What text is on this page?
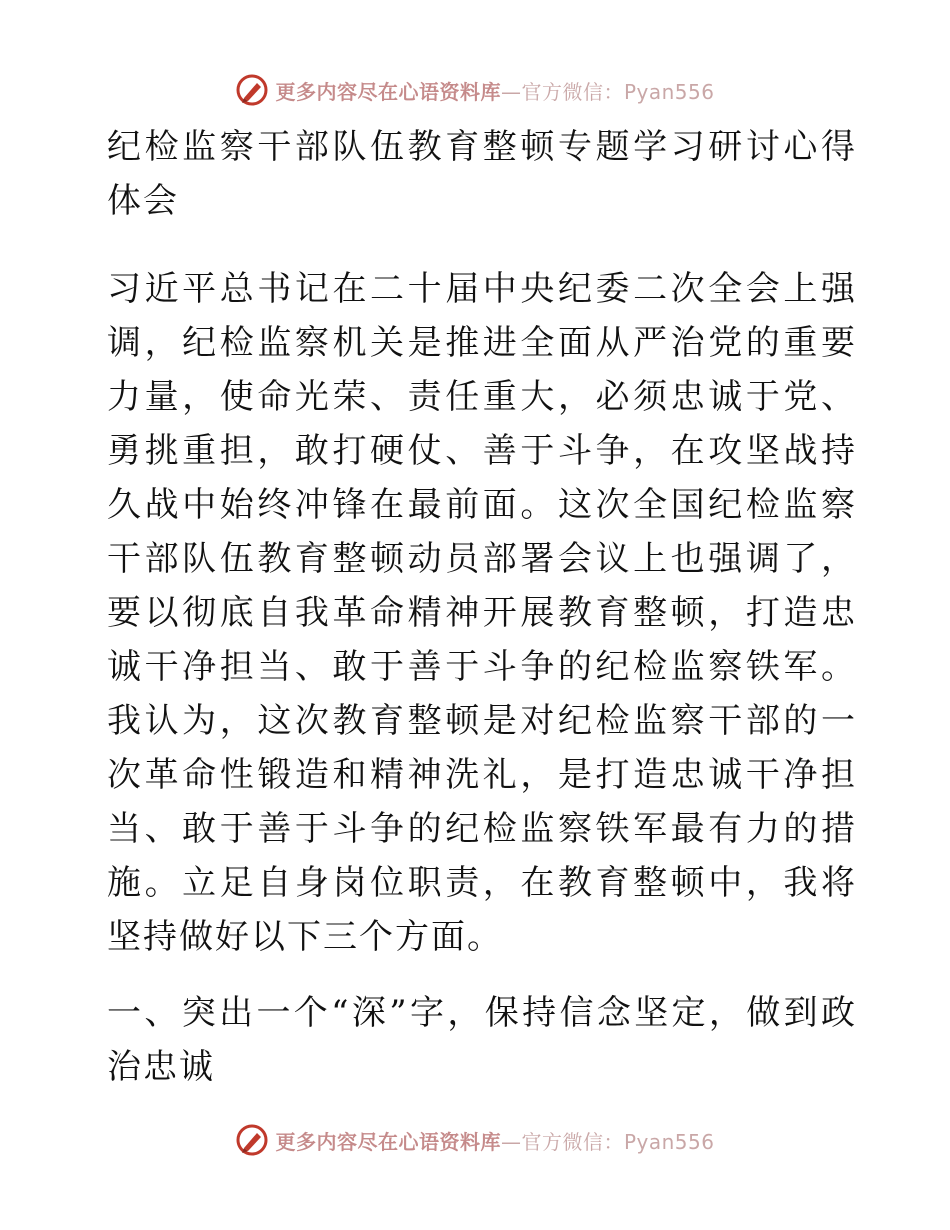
更多内容尽在心语资料库—官方微信：Pyan556

纪检监察干部队伍教育整顿专题学习研讨心得体会

习近平总书记在二十届中央纪委二次全会上强调，纪检监察机关是推进全面从严治党的重要力量，使命光荣、责任重大，必须忠诚于党、勇挑重担，敢打硬仗、善于斗争，在攻坚战持久战中始终冲锋在最前面。这次全国纪检监察干部队伍教育整顿动员部署会议上也强调了，要以彻底自我革命精神开展教育整顿，打造忠诚干净担当、敢于善于斗争的纪检监察铁军。我认为，这次教育整顿是对纪检监察干部的一次革命性锻造和精神洗礼，是打造忠诚干净担当、敢于善于斗争的纪检监察铁军最有力的措施。立足自身岗位职责，在教育整顿中，我将坚持做好以下三个方面。

一、突出一个“深”字，保持信念坚定，做到政治忠诚

更多内容尽在心语资料库—官方微信：Pyan556
